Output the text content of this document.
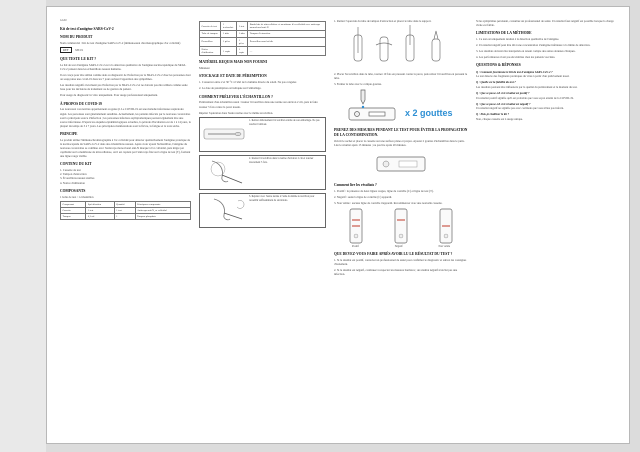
GGZ0

Kit de test d'antigène SARS-CoV-2

NOM DU PRODUIT

Nom commercial : Kit de test d'antigène SARS-CoV-2 (immunoessai chromatographique d'or colloïdal)

REF MT-01

QUE TESTE LE KIT ?

Le Kit de test d'antigène SARS-CoV-2 est à la détection qualitative de l'antigène nucléocapsidique du SRAS-CoV-2 présent dans les échantillons nasaux humains.

Il est conçu pour être utilisé comme aide au diagnostic de l'infection par le SRAS-CoV-2 chez les personnes dont on soupçonne une covid-19 dans les 7 jours suivant l'apparition des symptômes.

Les résultats négatifs n'excluent pas l'infection par le SRAS-CoV-2 et ne doivent pas être utilisés comme seule base pour les décisions de traitement ou de gestion du patient.

Pour usage de diagnostic in vitro uniquement. Pour usage professionnel uniquement.

À PROPOS DU COVID-19

Les nouveaux coronavirus appartiennent au genre β. Le COVID-19 est une maladie infectieuse respiratoire aiguë. Les personnes sont généralement sensibles. Actuellement, les patients infectés par le nouveau coronavirus sont la principale source d'infection ; les personnes infectées asymptomatiques peuvent également être une source infectieuse. D'après les enquêtes épidémiologiques actuelles, la période d'incubation est de 1 à 14 jours, la plupart du temps de 3 à 7 jours. Les principales manifestations sont la fièvre, la fatigue et la toux sèche.

PRINCIPE

Le produit utilise l'immunochromatographie à l'or colloïdal pour détecter qualitativement l'antigène protéique de la nucléocapside du SARS-CoV-2 dans des échantillons nasaux. Après avoir ajouté l'échantillon, l'antigène du nouveau coronavirus se combine avec l'anticorps monoclonal anti-N marqué à l'or colloïdal, puis migre par capillarité sur la membrane de nitrocellulose, où il est capturé par l'anticorps fixé sur la ligne de test (T), formant une ligne rouge visible.

CONTENU DU KIT

1. Cassette de test
2. Tampon d'extraction
3. Écouvillons nasaux stériles
4. Notice d'utilisation

COMPOSANTS

1 boîte de test / 1 échantillon

Composant	Spécification	Quantité	Principaux composants
Cassette	1 test	1 test	Anticorps anti-N, or colloïdal
Tampon	0,5 ml	1	Tampon phosphate
Cassette de test	1 test/sachet	1 test	Bandelette de nitrocellulose et membrane d'or colloïdal avec anticorps monoclonal anti-N
Tube de tampon	1 tube	1 tube	Tampon d'extraction
Écouvillon	1 pièce	1 pièce	Écouvillon nasal stérile
Notice d'utilisation	1 copie	1 copie	—

MATÉRIEL REQUIS MAIS NON FOURNI

Minuteur

STOCKAGE ET DATE DE PÉREMPTION

1. Conserver entre 2 et 30 °C à l'abri de la lumière directe du soleil. Ne pas congeler.

2. La date de péremption est indiquée sur l'emballage.

COMMENT PRÉLEVER L'ÉCHANTILLON ?

Prélèvement d'un échantillon nasal : insérer l'écouvillon dans une narine sur environ 2 cm, puis le faire tourner 5 fois contre la paroi nasale.

Répéter l'opération dans l'autre narine avec le même écouvillon.

1. Retirer délicatement l'écouvillon stérile de son emballage. Ne pas toucher l'embout.
2. Insérer l'écouvillon dans la narine d'environ 2 cm et tourner doucement 5 fois.
3. Répéter avec l'autre narine à l'aide du même écouvillon pour recueillir suffisamment de sécrétions.

1. Retirer l'opercule du tube de tampon d'extraction et placer le tube dans le support.

2. Placer l'écouvillon dans le tube, tourner 10 fois en pressant contre la paroi, puis retirer l'écouvillon en pressant le tube.

3. Fermer le tube avec le compte-gouttes.

x 2 gouttes

PRENEZ DES MESURES PENDANT LE TEST POUR ÉVITER LA PROPAGATION DE LA CONTAMINATION.

Ouvrir le sachet et placer la cassette sur une surface plane et propre. Ajouter 2 gouttes d'échantillon dans le puits. Lire le résultat après 15 minutes ; ne pas lire après 20 minutes.

Comment lire les résultats ?

1. Positif : la présence de deux lignes rouges, ligne de contrôle (C) et ligne de test (T).

2. Négatif : seule la ligne de contrôle (C) apparaît.

3. Non valide : aucune ligne de contrôle n'apparaît. Recommencer avec une nouvelle cassette.

Positif	Négatif	Non valide

QUE DEVEZ-VOUS FAIRE APRÈS AVOIR LU LE RÉSULTAT DU TEST ?

1. Si le résultat est positif, contactez un professionnel de santé pour confirmer le diagnostic et suivez les consignes d'isolement.

2. Si le résultat est négatif, continuez à respecter les mesures barrières ; un résultat négatif n'exclut pas une infection.

Si les symptômes persistent, consultez un professionnel de santé. Un résultat faux négatif est possible lorsque la charge virale est faible.

LIMITATIONS DE LA MÉTHODE

1. Ce test est uniquement destiné à la détection qualitative de l'antigène.

2. Un résultat négatif peut être dû à une concentration d'antigène inférieure à la limite de détection.

3. Les résultats doivent être interprétés en tenant compte des autres données cliniques.

4. Les performances n'ont pas été établies chez les patients vaccinés.

QUESTIONS & RÉPONSES

Q : Comment fonctionne le Kit de test d'antigène SARS-CoV-2 ?

Le test détecte des fragments protéiques du virus à partir d'un prélèvement nasal.

Q : Quelle est la fiabilité du test ?

Les résultats peuvent être influencés par la qualité du prélèvement et le moment du test.

Q : Que se passe-t-il si le résultat est positif ?

Un résultat positif signifie qu'il est probable que vous soyez atteint de la COVID-19.

Q : Que se passe-t-il si le résultat est négatif ?

Un résultat négatif ne signifie pas avec certitude que vous n'êtes pas infecté.

Q : Puis-je réutiliser le kit ?

Non, chaque cassette est à usage unique.
